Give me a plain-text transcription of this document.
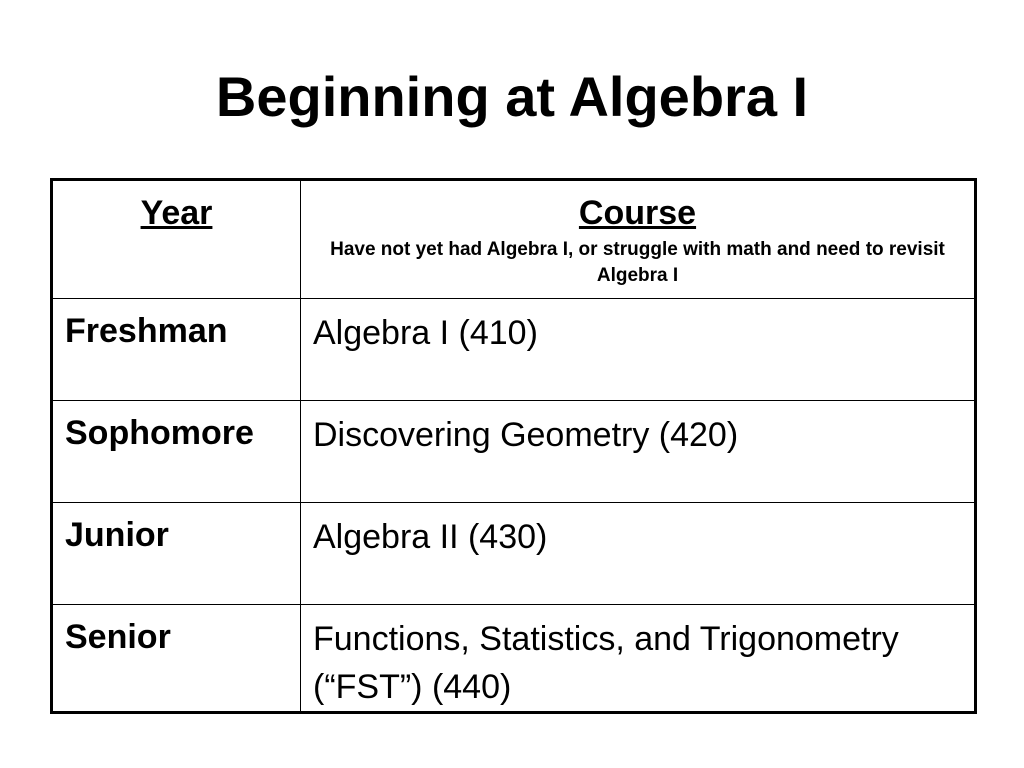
Beginning at Algebra I
Year	Course
Have not yet had Algebra I, or struggle with math and need to revisit Algebra I

Freshman	Algebra I (410)

Sophomore	Discovering Geometry (420)

Junior	Algebra II (430)

Senior	Functions, Statistics, and Trigonometry (“FST”) (440)
